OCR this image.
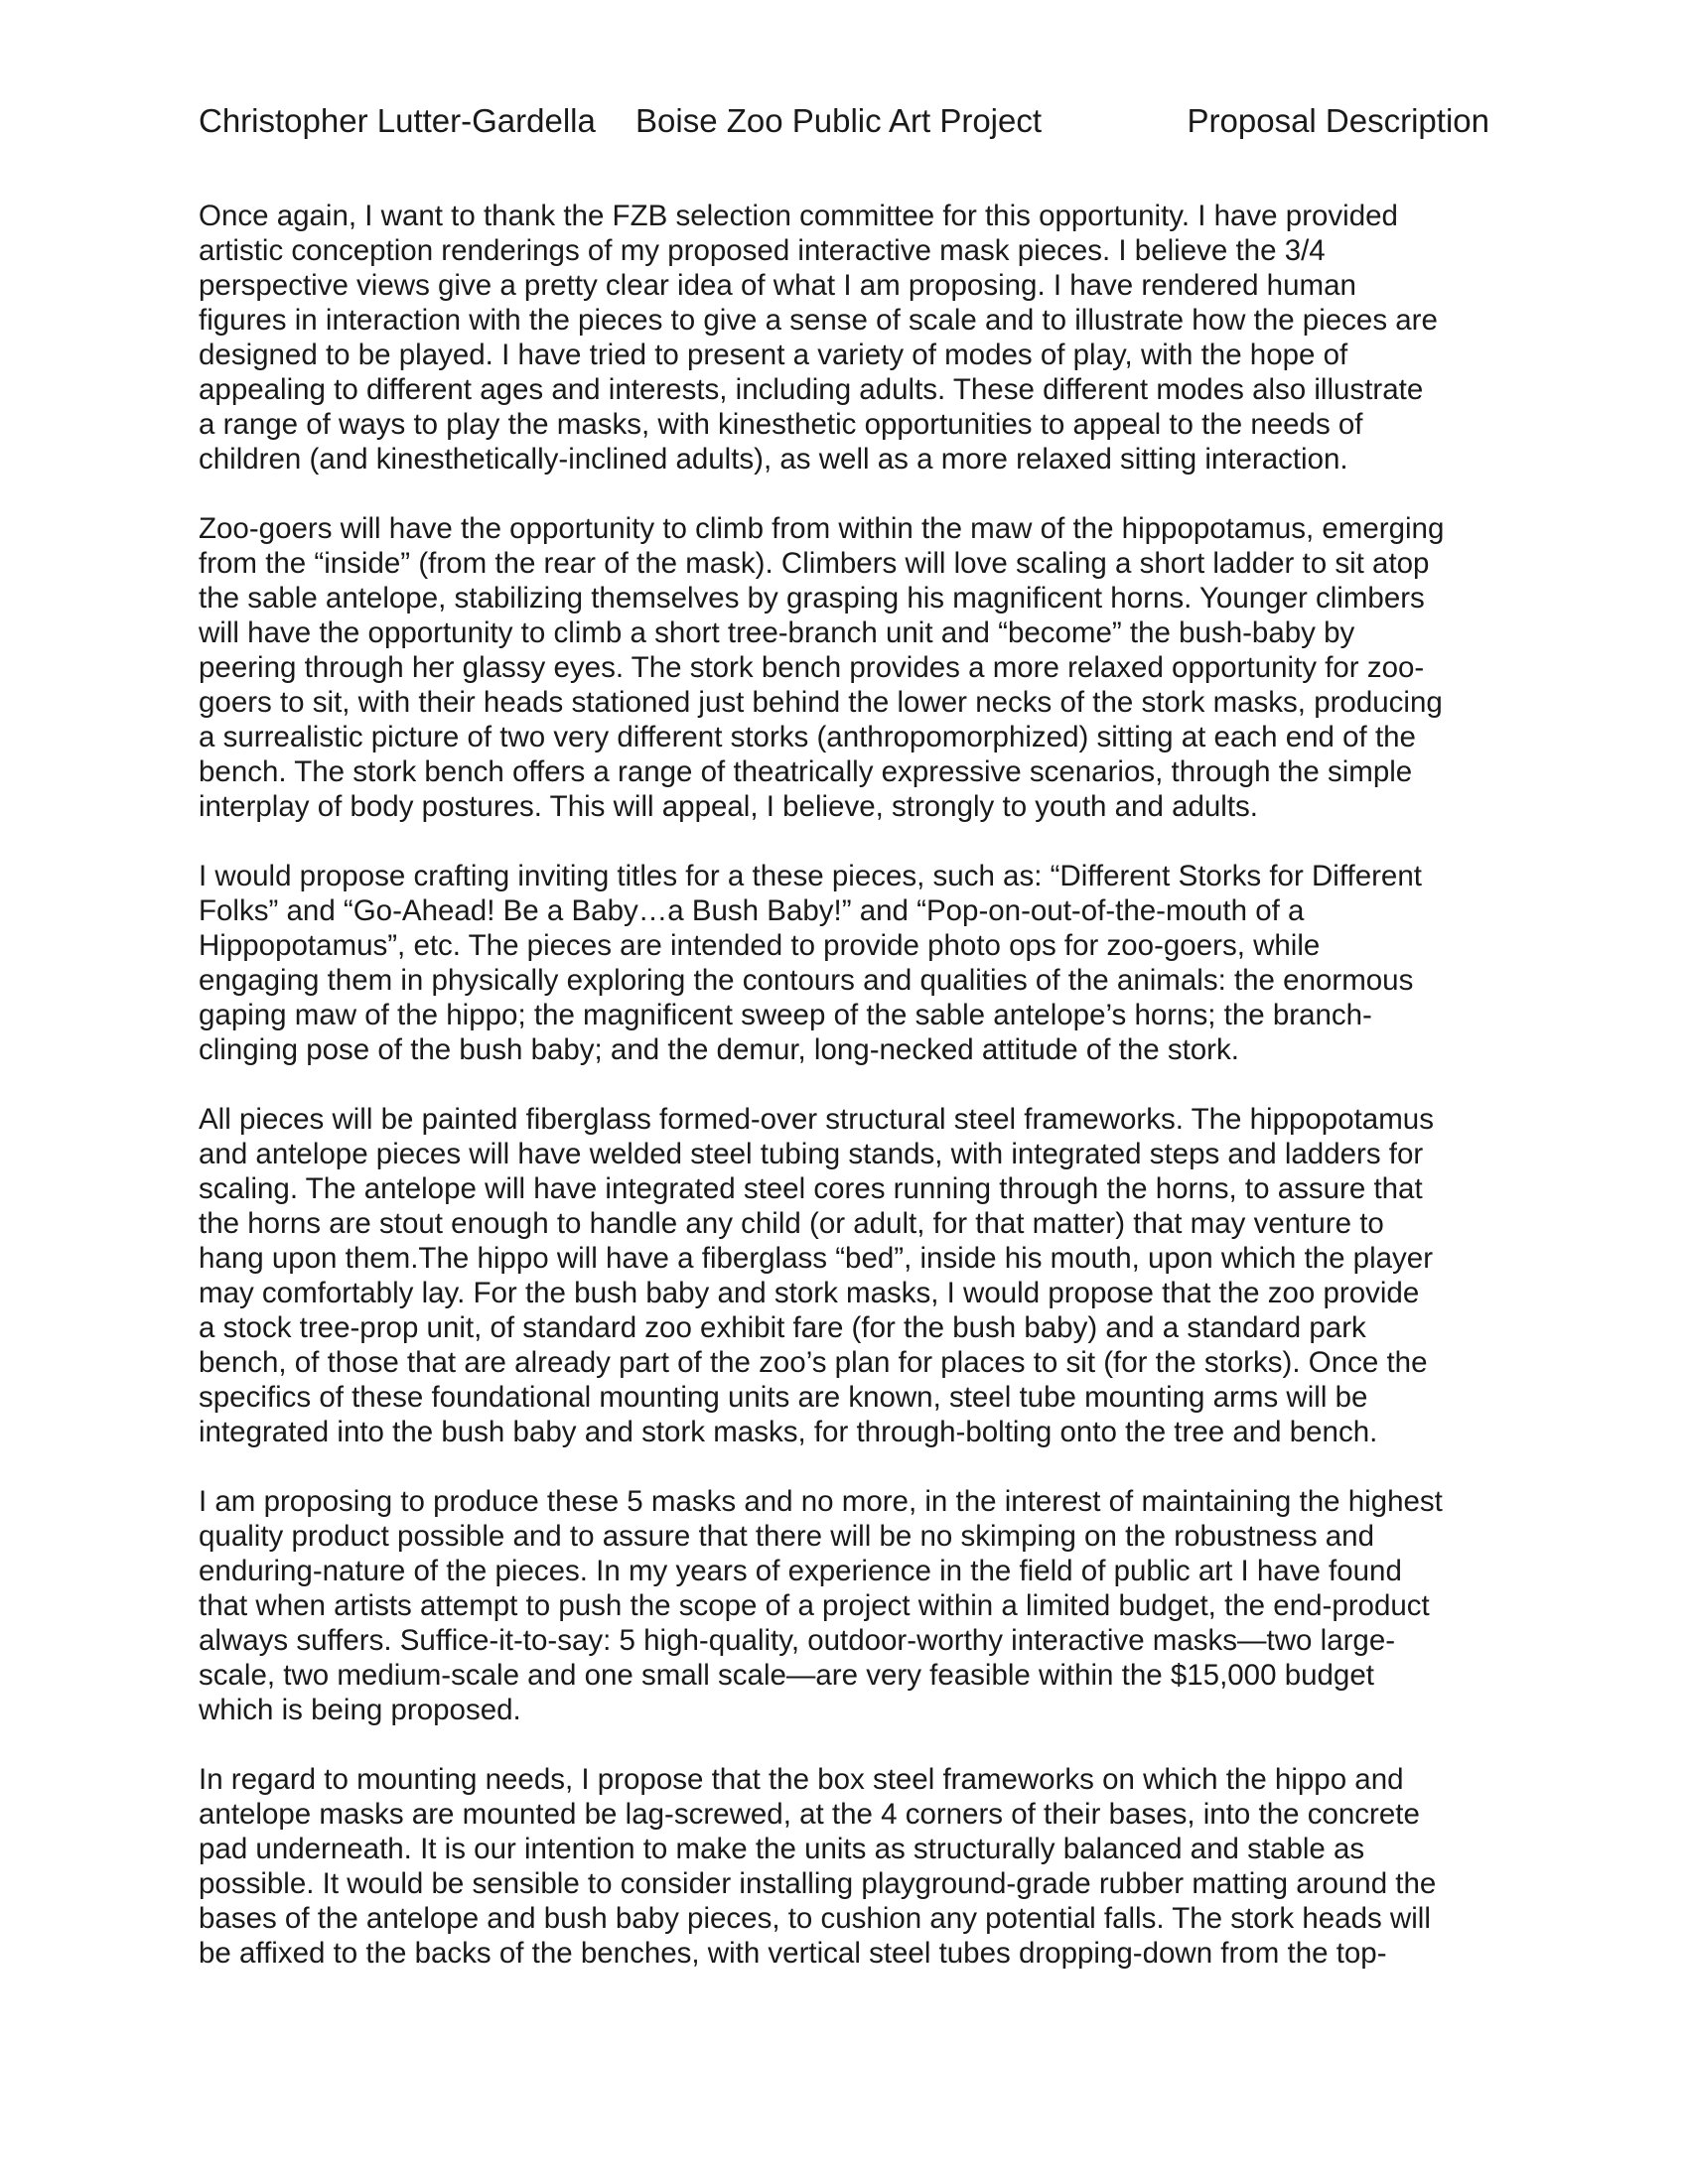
Christopher Lutter-Gardella Boise Zoo Public Art Project	Proposal Description

Once again, I want to thank the FZB selection committee for this opportunity. I have provided
artistic conception renderings of my proposed interactive mask pieces. I believe the 3/4
perspective views give a pretty clear idea of what I am proposing. I have rendered human
figures in interaction with the pieces to give a sense of scale and to illustrate how the pieces are
designed to be played. I have tried to present a variety of modes of play, with the hope of
appealing to different ages and interests, including adults. These different modes also illustrate
a range of ways to play the masks, with kinesthetic opportunities to appeal to the needs of
children (and kinesthetically-inclined adults), as well as a more relaxed sitting interaction.

Zoo-goers will have the opportunity to climb from within the maw of the hippopotamus, emerging
from the “inside” (from the rear of the mask). Climbers will love scaling a short ladder to sit atop
the sable antelope, stabilizing themselves by grasping his magnificent horns. Younger climbers
will have the opportunity to climb a short tree-branch unit and “become” the bush-baby by
peering through her glassy eyes. The stork bench provides a more relaxed opportunity for zoo-
goers to sit, with their heads stationed just behind the lower necks of the stork masks, producing
a surrealistic picture of two very different storks (anthropomorphized) sitting at each end of the
bench. The stork bench offers a range of theatrically expressive scenarios, through the simple
interplay of body postures. This will appeal, I believe, strongly to youth and adults.

I would propose crafting inviting titles for a these pieces, such as: “Different Storks for Different
Folks” and “Go-Ahead! Be a Baby…a Bush Baby!” and “Pop-on-out-of-the-mouth of a
Hippopotamus”, etc. The pieces are intended to provide photo ops for zoo-goers, while
engaging them in physically exploring the contours and qualities of the animals: the enormous
gaping maw of the hippo; the magnificent sweep of the sable antelope’s horns; the branch-
clinging pose of the bush baby; and the demur, long-necked attitude of the stork.

All pieces will be painted fiberglass formed-over structural steel frameworks. The hippopotamus
and antelope pieces will have welded steel tubing stands, with integrated steps and ladders for
scaling. The antelope will have integrated steel cores running through the horns, to assure that
the horns are stout enough to handle any child (or adult, for that matter) that may venture to
hang upon them.The hippo will have a fiberglass “bed”, inside his mouth, upon which the player
may comfortably lay. For the bush baby and stork masks, I would propose that the zoo provide
a stock tree-prop unit, of standard zoo exhibit fare (for the bush baby) and a standard park
bench, of those that are already part of the zoo’s plan for places to sit (for the storks). Once the
specifics of these foundational mounting units are known, steel tube mounting arms will be
integrated into the bush baby and stork masks, for through-bolting onto the tree and bench.

I am proposing to produce these 5 masks and no more, in the interest of maintaining the highest
quality product possible and to assure that there will be no skimping on the robustness and
enduring-nature of the pieces. In my years of experience in the field of public art I have found
that when artists attempt to push the scope of a project within a limited budget, the end-product
always suffers. Suffice-it-to-say: 5 high-quality, outdoor-worthy interactive masks—two large-
scale, two medium-scale and one small scale—are very feasible within the $15,000 budget
which is being proposed.

In regard to mounting needs, I propose that the box steel frameworks on which the hippo and
antelope masks are mounted be lag-screwed, at the 4 corners of their bases, into the concrete
pad underneath. It is our intention to make the units as structurally balanced and stable as
possible. It would be sensible to consider installing playground-grade rubber matting around the
bases of the antelope and bush baby pieces, to cushion any potential falls. The stork heads will
be affixed to the backs of the benches, with vertical steel tubes dropping-down from the top-
